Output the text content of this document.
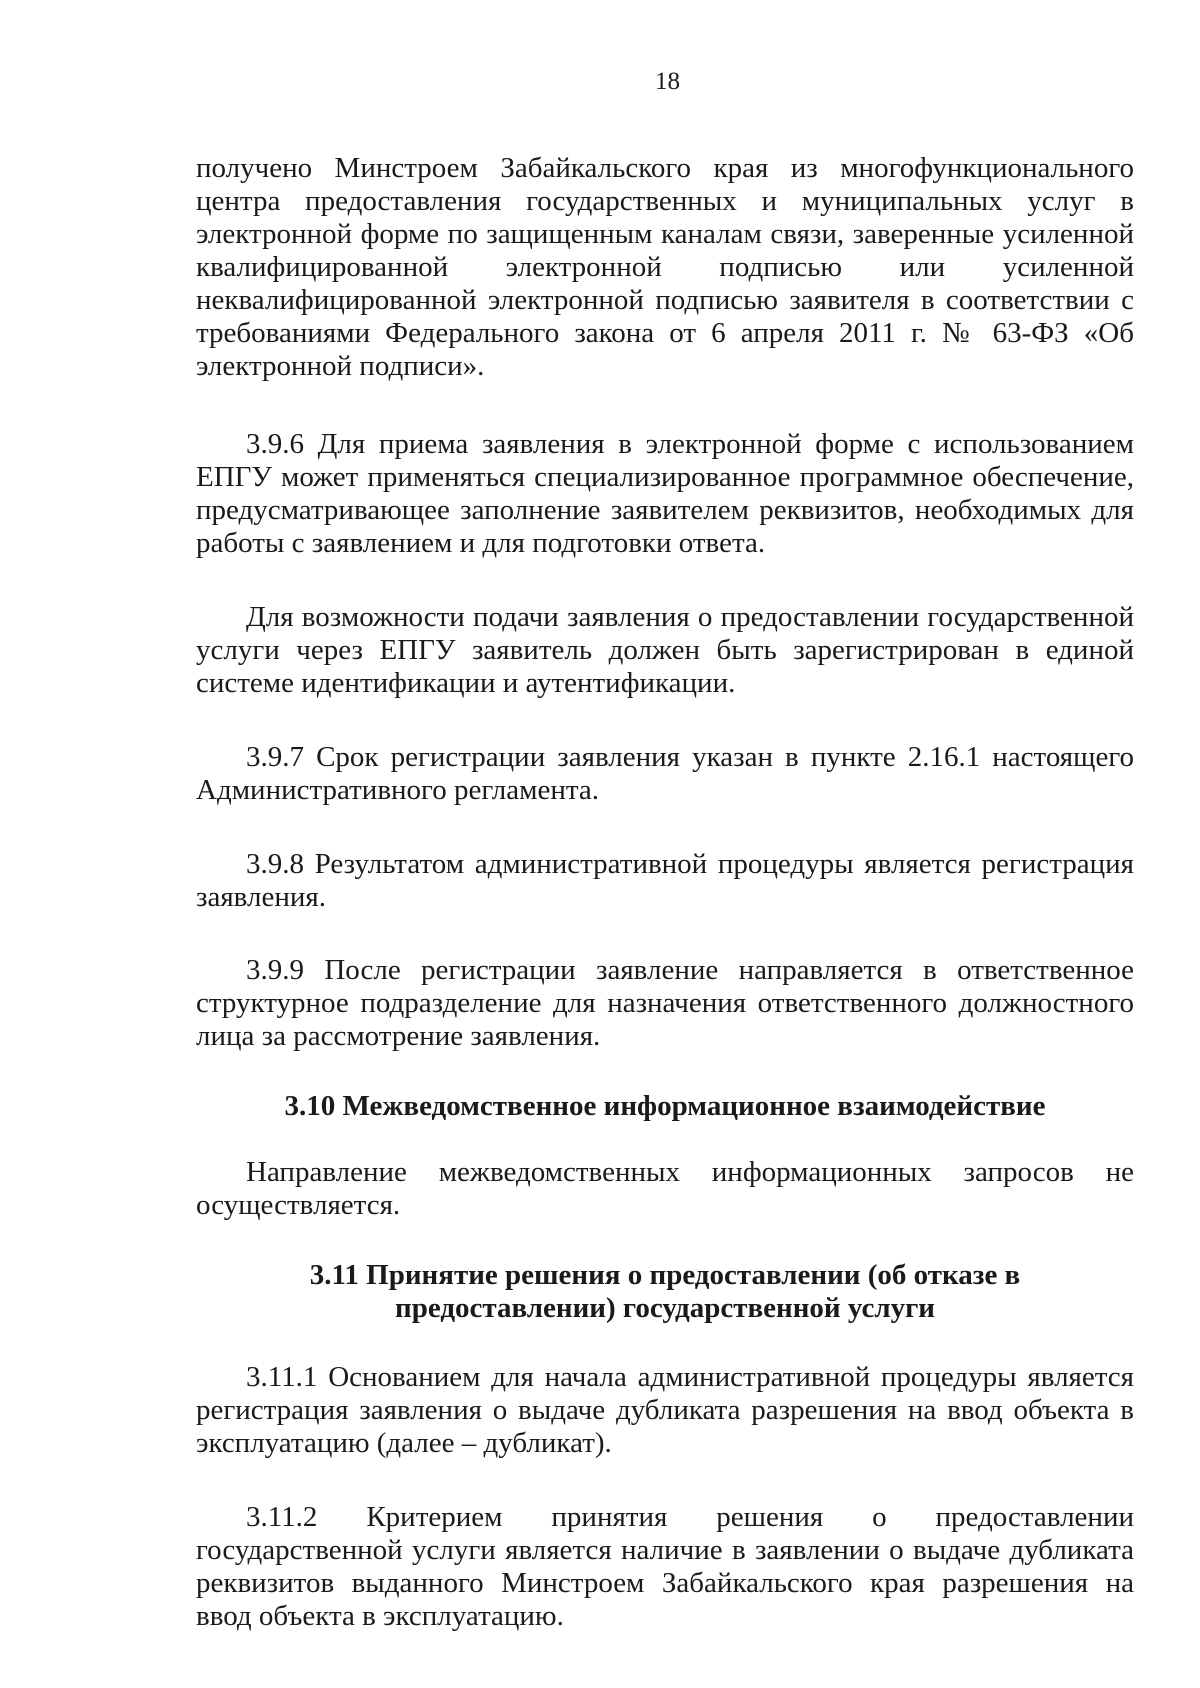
18

получено Минстроем Забайкальского края из многофункционального центра предоставления государственных и муниципальных услуг в электронной форме по защищенным каналам связи, заверенные усиленной квалифицированной электронной подписью или усиленной неквалифицированной электронной подписью заявителя в соответствии с требованиями Федерального закона от 6 апреля 2011 г. № 63-ФЗ «Об электронной подписи».

3.9.6 Для приема заявления в электронной форме с использованием ЕПГУ может применяться специализированное программное обеспечение, предусматривающее заполнение заявителем реквизитов, необходимых для работы с заявлением и для подготовки ответа.

Для возможности подачи заявления о предоставлении государственной услуги через ЕПГУ заявитель должен быть зарегистрирован в единой системе идентификации и аутентификации.

3.9.7 Срок регистрации заявления указан в пункте 2.16.1 настоящего Административного регламента.

3.9.8 Результатом административной процедуры является регистрация заявления.

3.9.9 После регистрации заявление направляется в ответственное структурное подразделение для назначения ответственного должностного лица за рассмотрение заявления.

3.10 Межведомственное информационное взаимодействие

Направление межведомственных информационных запросов не осуществляется.

3.11 Принятие решения о предоставлении (об отказе в
предоставлении) государственной услуги

3.11.1 Основанием для начала административной процедуры является регистрация заявления о выдаче дубликата разрешения на ввод объекта в эксплуатацию (далее – дубликат).

3.11.2 Критерием принятия решения о предоставлении государственной услуги является наличие в заявлении о выдаче дубликата реквизитов выданного Минстроем Забайкальского края разрешения на ввод объекта в эксплуатацию.
